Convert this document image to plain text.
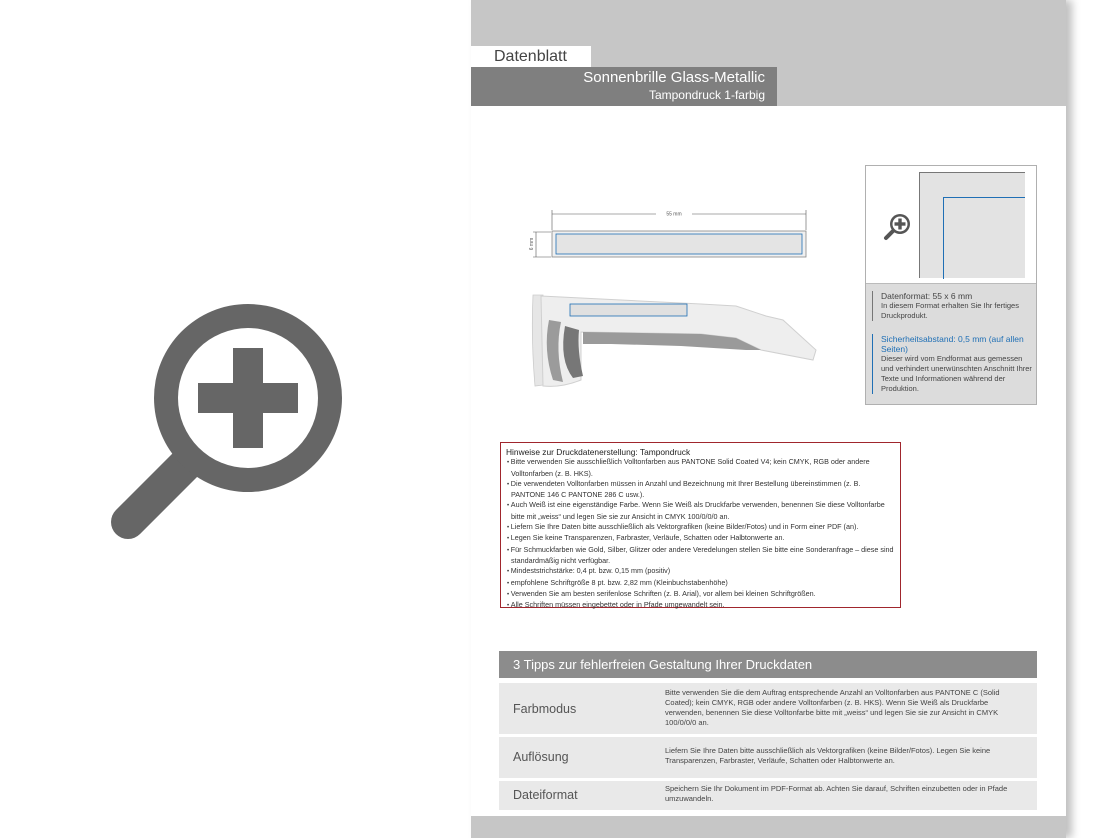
Datenblatt
Sonnenbrille Glass-Metallic
Tampondruck 1-farbig
55 mm
6 mm
Datenformat: 55 x 6 mm
In diesem Format erhalten Sie Ihr fertiges Druckprodukt.
Sicherheitsabstand: 0,5 mm (auf allen Seiten)
Dieser wird vom Endformat aus gemessen und verhindert unerwünschten Anschnitt Ihrer Texte und Informationen während der Produktion.
Hinweise zur Druckdatenerstellung: Tampondruck
• Bitte verwenden Sie ausschließlich Volltonfarben aus PANTONE Solid Coated V4; kein CMYK, RGB oder andere Volltonfarben (z. B. HKS).
• Die verwendeten Volltonfarben müssen in Anzahl und Bezeichnung mit Ihrer Bestellung übereinstimmen (z. B. PANTONE 146 C PANTONE 286 C usw.).
• Auch Weiß ist eine eigenständige Farbe. Wenn Sie Weiß als Druckfarbe verwenden, benennen Sie diese Volltonfarbe bitte mit „weiss“ und legen Sie sie zur Ansicht in CMYK 100/0/0/0 an.
• Liefern Sie Ihre Daten bitte ausschließlich als Vektorgrafiken (keine Bilder/Fotos) und in Form einer PDF (an).
• Legen Sie keine Transparenzen, Farbraster, Verläufe, Schatten oder Halbtonwerte an.
• Für Schmuckfarben wie Gold, Silber, Glitzer oder andere Veredelungen stellen Sie bitte eine Sonderanfrage – diese sind standardmäßig nicht verfügbar.
• Mindeststrichstärke: 0,4 pt. bzw. 0,15 mm (positiv)
• empfohlene Schriftgröße 8 pt. bzw. 2,82 mm (Kleinbuchstabenhöhe)
• Verwenden Sie am besten serifenlose Schriften (z. B. Arial), vor allem bei kleinen Schriftgrößen.
• Alle Schriften müssen eingebettet oder in Pfade umgewandelt sein.
3 Tipps zur fehlerfreien Gestaltung Ihrer Druckdaten
Farbmodus
Bitte verwenden Sie die dem Auftrag entsprechende Anzahl an Volltonfarben aus PANTONE C (Solid Coated); kein CMYK, RGB oder andere Volltonfarben (z. B. HKS). Wenn Sie Weiß als Druckfarbe verwenden, benennen Sie diese Volltonfarbe bitte mit „weiss“ und legen Sie sie zur Ansicht in CMYK 100/0/0/0 an.
Auflösung	Liefern Sie Ihre Daten bitte ausschließlich als Vektorgrafiken (keine Bilder/Fotos). Legen Sie keine Transparenzen, Farbraster, Verläufe, Schatten oder Halbtonwerte an.
Dateiformat	Speichern Sie Ihr Dokument im PDF-Format ab. Achten Sie darauf, Schriften einzubetten oder in Pfade umzuwandeln.
